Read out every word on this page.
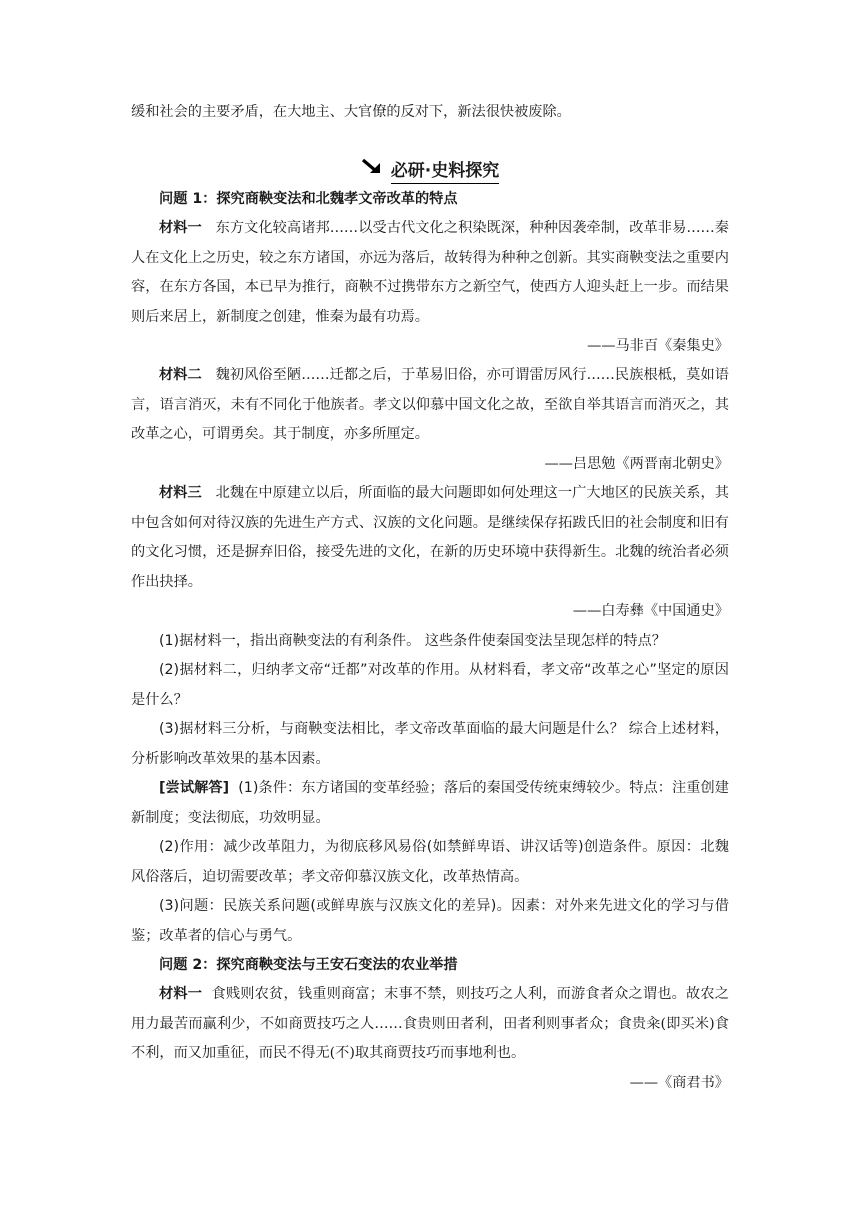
缓和社会的主要矛盾，在大地主、大官僚的反对下，新法很快被废除。

必研·史料探究

问题 1：探究商鞅变法和北魏孝文帝改革的特点

材料一 东方文化较高诸邦……以受古代文化之积染既深，种种因袭牵制，改革非易……秦人在文化上之历史，较之东方诸国，亦远为落后，故转得为种种之创新。其实商鞅变法之重要内容，在东方各国，本已早为推行，商鞅不过携带东方之新空气，使西方人迎头赶上一步。而结果则后来居上，新制度之创建，惟秦为最有功焉。

——马非百《秦集史》

材料二 魏初风俗至陋……迁都之后，于革易旧俗，亦可谓雷厉风行……民族根柢，莫如语言，语言消灭，未有不同化于他族者。孝文以仰慕中国文化之故，至欲自举其语言而消灭之，其改革之心，可谓勇矣。其于制度，亦多所厘定。

——吕思勉《两晋南北朝史》

材料三 北魏在中原建立以后，所面临的最大问题即如何处理这一广大地区的民族关系，其中包含如何对待汉族的先进生产方式、汉族的文化问题。是继续保存拓跋氏旧的社会制度和旧有的文化习惯，还是摒弃旧俗，接受先进的文化，在新的历史环境中获得新生。北魏的统治者必须作出抉择。

——白寿彝《中国通史》

(1)据材料一，指出商鞅变法的有利条件。 这些条件使秦国变法呈现怎样的特点？

(2)据材料二，归纳孝文帝“迁都”对改革的作用。从材料看，孝文帝“改革之心”坚定的原因是什么？

(3)据材料三分析，与商鞅变法相比，孝文帝改革面临的最大问题是什么？ 综合上述材料，分析影响改革效果的基本因素。

[尝试解答] (1)条件：东方诸国的变革经验；落后的秦国受传统束缚较少。特点：注重创建新制度；变法彻底，功效明显。

(2)作用：减少改革阻力，为彻底移风易俗(如禁鲜卑语、讲汉话等)创造条件。原因：北魏风俗落后，迫切需要改革；孝文帝仰慕汉族文化，改革热情高。

(3)问题：民族关系问题(或鲜卑族与汉族文化的差异)。因素：对外来先进文化的学习与借鉴；改革者的信心与勇气。

问题 2：探究商鞅变法与王安石变法的农业举措

材料一 食贱则农贫，钱重则商富；末事不禁，则技巧之人利，而游食者众之谓也。故农之用力最苦而赢利少，不如商贾技巧之人……食贵则田者利，田者利则事者众；食贵籴(即买米)食不利，而又加重征，而民不得无(不)取其商贾技巧而事地利也。

——《商君书》
